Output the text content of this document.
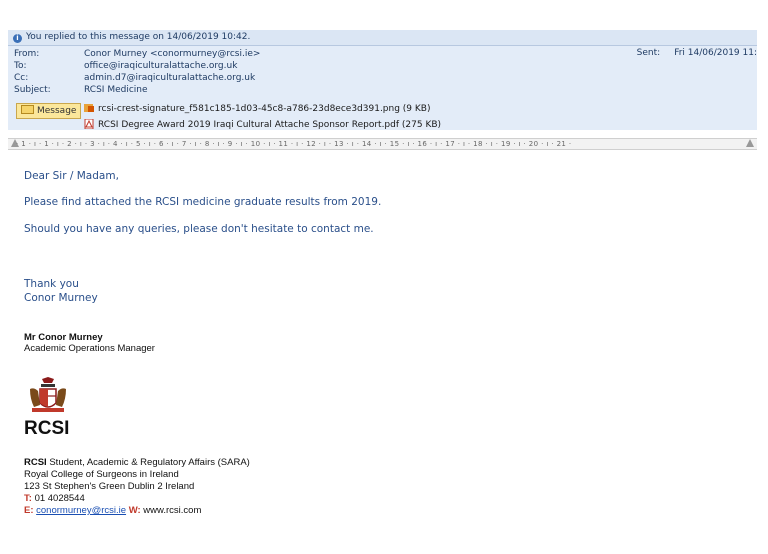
i You replied to this message on 14/06/2019 10:42.
From:	Conor Murney <conormurney@rcsi.ie>
To:	office@iraqiculturalattache.org.uk
Cc:	admin.d7@iraqiculturalattache.org.uk
Subject:	RCSI Medicine
Sent: Fri 14/06/2019 11:
Message	rcsi-crest-signature_f581c185-1d03-45c8-a786-23d8ece3d391.png (9 KB)
RCSI Degree Award 2019 Iraqi Cultural Attache Sponsor Report.pdf (275 KB)
· 1 · ı · 1 · ı · 2 · ı · 3 · ı · 4 · ı · 5 · ı · 6 · ı · 7 · ı · 8 · ı · 9 · ı · 10 · ı · 11 · ı · 12 · ı · 13 · ı · 14 · ı · 15 · ı · 16 · ı · 17 · ı · 18 · ı · 19 · ı · 20 · ı · 21 ·
Dear Sir / Madam,
Please find attached the RCSI medicine graduate results from 2019.
Should you have any queries, please don't hesitate to contact me.
Thank you
Conor Murney
Mr Conor Murney
Academic Operations Manager
RCSI
RCSI Student, Academic & Regulatory Affairs (SARA)
Royal College of Surgeons in Ireland
123 St Stephen's Green Dublin 2 Ireland
T: 01 4028544
E: conormurney@rcsi.ie W: www.rcsi.com
